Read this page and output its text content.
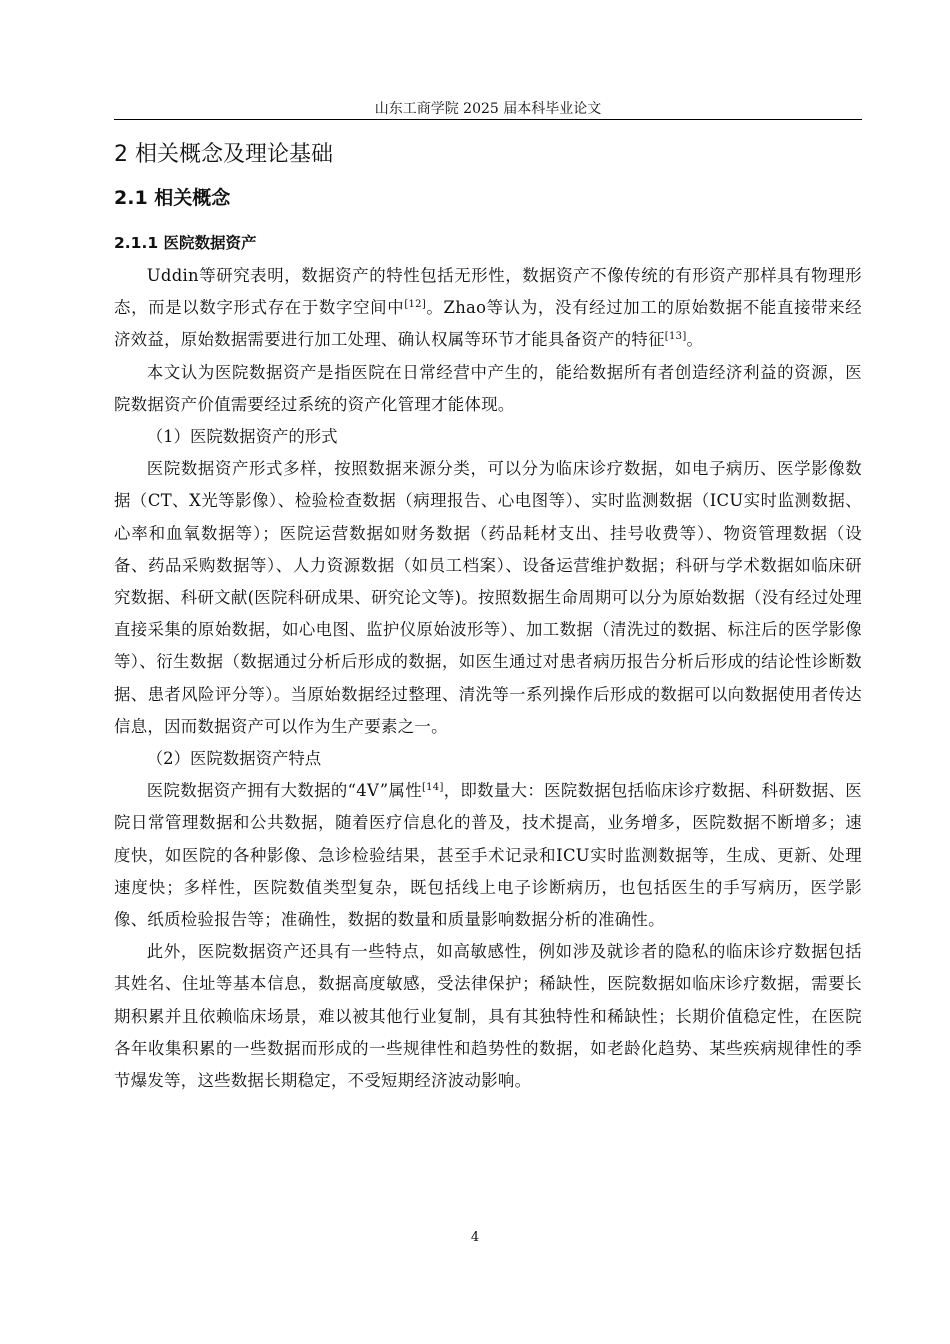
山东工商学院 2025 届本科毕业论文
2 相关概念及理论基础
2.1 相关概念
2.1.1 医院数据资产

Uddin等研究表明，数据资产的特性包括无形性，数据资产不像传统的有形资产那样具有物理形态，而是以数字形式存在于数字空间中[12]。Zhao等认为，没有经过加工的原始数据不能直接带来经济效益，原始数据需要进行加工处理、确认权属等环节才能具备资产的特征[13]。

本文认为医院数据资产是指医院在日常经营中产生的，能给数据所有者创造经济利益的资源，医院数据资产价值需要经过系统的资产化管理才能体现。

（1）医院数据资产的形式

医院数据资产形式多样，按照数据来源分类，可以分为临床诊疗数据，如电子病历、医学影像数据（CT、X光等影像）、检验检查数据（病理报告、心电图等）、实时监测数据（ICU实时监测数据、心率和血氧数据等）；医院运营数据如财务数据（药品耗材支出、挂号收费等）、物资管理数据（设备、药品采购数据等）、人力资源数据（如员工档案）、设备运营维护数据；科研与学术数据如临床研究数据、科研文献(医院科研成果、研究论文等)。按照数据生命周期可以分为原始数据（没有经过处理直接采集的原始数据，如心电图、监护仪原始波形等）、加工数据（清洗过的数据、标注后的医学影像等）、衍生数据（数据通过分析后形成的数据，如医生通过对患者病历报告分析后形成的结论性诊断数据、患者风险评分等）。当原始数据经过整理、清洗等一系列操作后形成的数据可以向数据使用者传达信息，因而数据资产可以作为生产要素之一。

（2）医院数据资产特点

医院数据资产拥有大数据的“4V”属性[14]，即数量大：医院数据包括临床诊疗数据、科研数据、医院日常管理数据和公共数据，随着医疗信息化的普及，技术提高，业务增多，医院数据不断增多；速度快，如医院的各种影像、急诊检验结果，甚至手术记录和ICU实时监测数据等，生成、更新、处理速度快；多样性，医院数值类型复杂，既包括线上电子诊断病历，也包括医生的手写病历，医学影像、纸质检验报告等；准确性，数据的数量和质量影响数据分析的准确性。

此外，医院数据资产还具有一些特点，如高敏感性，例如涉及就诊者的隐私的临床诊疗数据包括其姓名、住址等基本信息，数据高度敏感，受法律保护；稀缺性，医院数据如临床诊疗数据，需要长期积累并且依赖临床场景，难以被其他行业复制，具有其独特性和稀缺性；长期价值稳定性，在医院各年收集积累的一些数据而形成的一些规律性和趋势性的数据，如老龄化趋势、某些疾病规律性的季节爆发等，这些数据长期稳定，不受短期经济波动影响。

4
